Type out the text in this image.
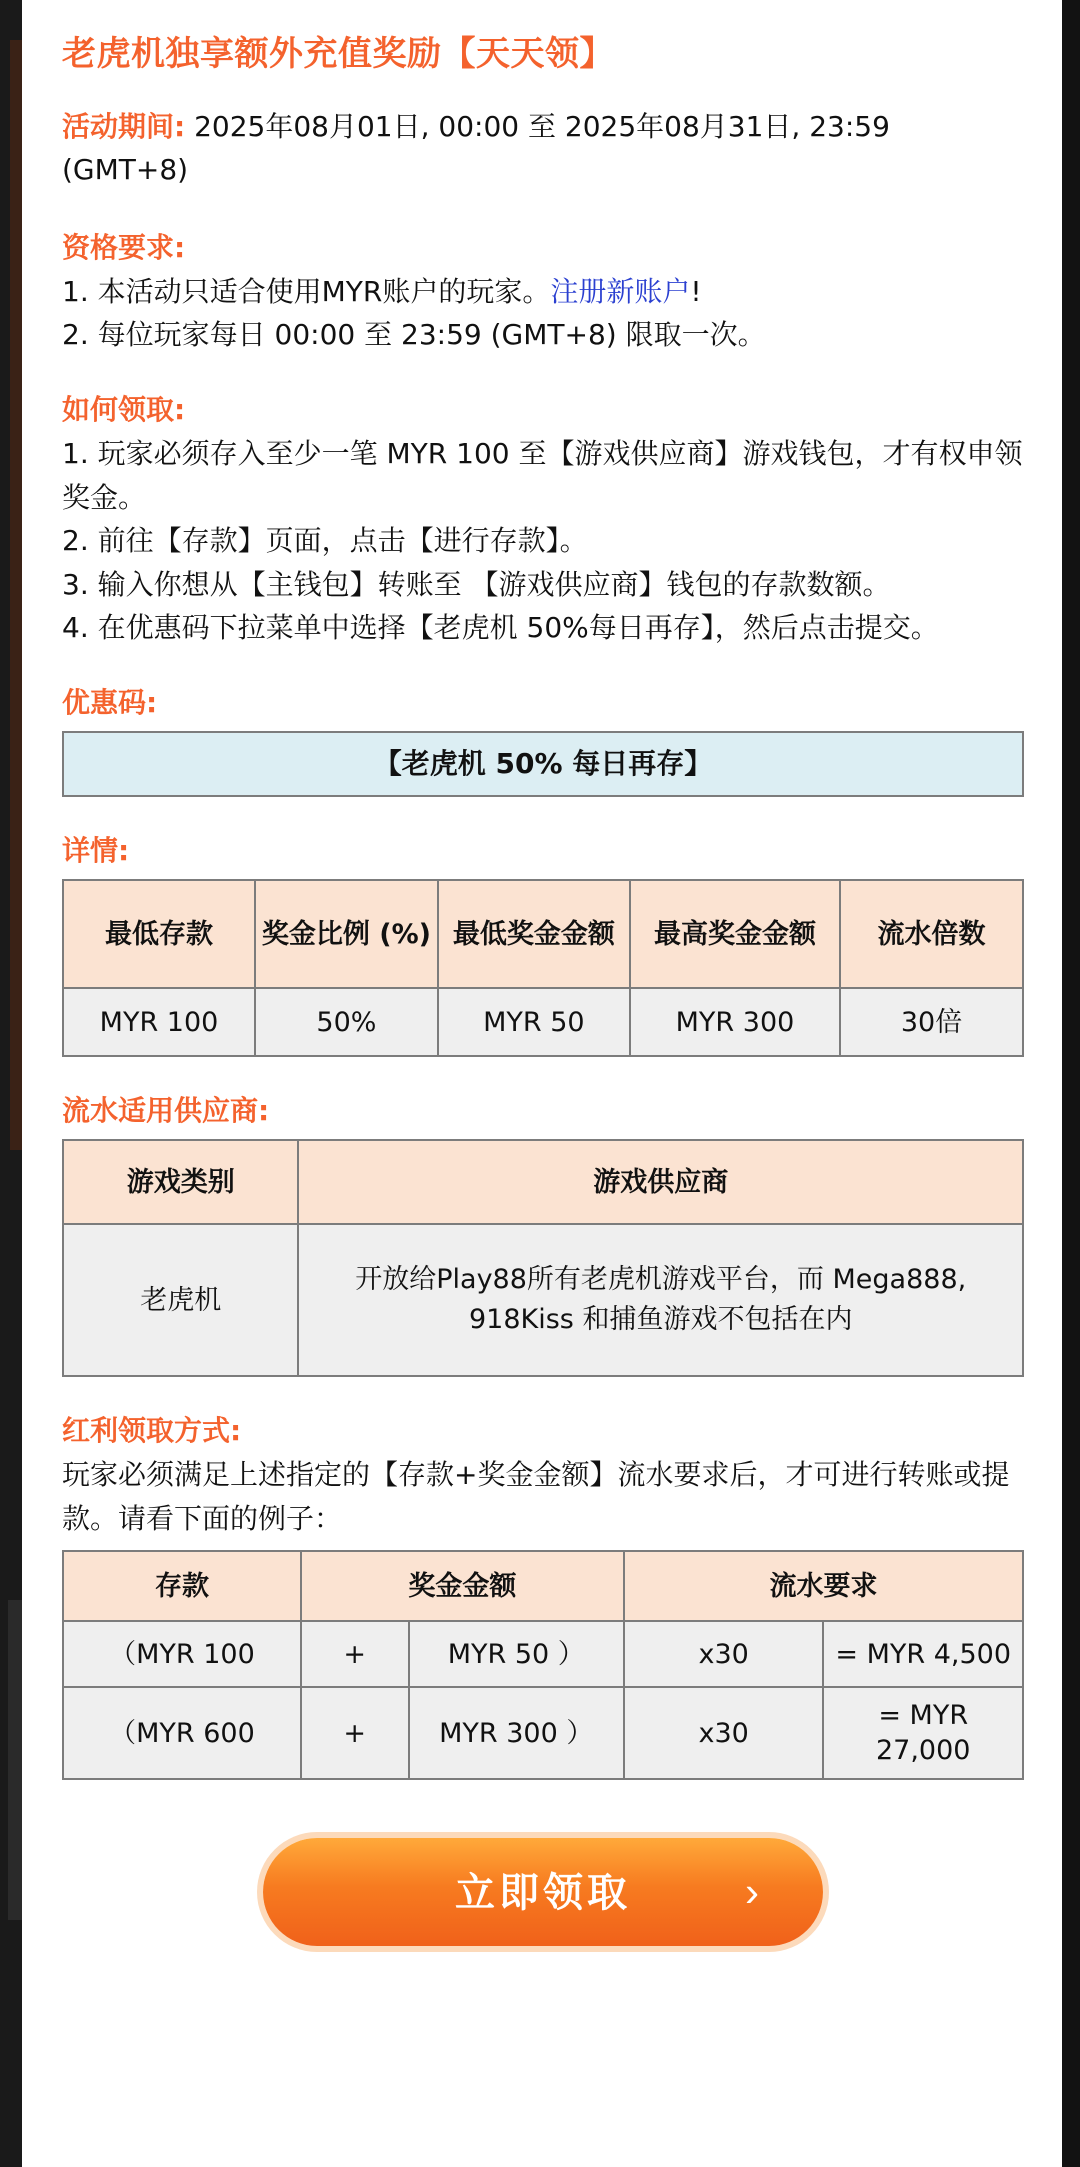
老虎机独享额外充值奖励【天天领】

活动期间: 2025年08月01日, 00:00 至 2025年08月31日, 23:59 (GMT+8)

资格要求:
1. 本活动只适合使用MYR账户的玩家。注册新账户!
2. 每位玩家每日 00:00 至 23:59 (GMT+8) 限取一次。
如何领取:
1. 玩家必须存入至少一笔 MYR 100 至【游戏供应商】游戏钱包，才有权申领奖金。
2. 前往【存款】页面，点击【进行存款】。
3. 输入你想从【主钱包】转账至 【游戏供应商】钱包的存款数额。
4. 在优惠码下拉菜单中选择【老虎机 50%每日再存】，然后点击提交。
优惠码:
【老虎机 50% 每日再存】
详情:
最低存款	奖金比例 (%)	最低奖金金额	最高奖金金额	流水倍数
MYR 100	50%	MYR 50	MYR 300	30倍
流水适用供应商:
游戏类别	游戏供应商
老虎机	开放给Play88所有老虎机游戏平台，而 Mega888, 918Kiss 和捕鱼游戏不包括在内
红利领取方式:

玩家必须满足上述指定的【存款+奖金金额】流水要求后，才可进行转账或提款。请看下面的例子：

存款	奖金金额		流水要求	
（MYR 100	+	MYR 50 ）	x30	= MYR 4,500
（MYR 600	+	MYR 300 ）	x30	= MYR 27,000
立即领取	›
